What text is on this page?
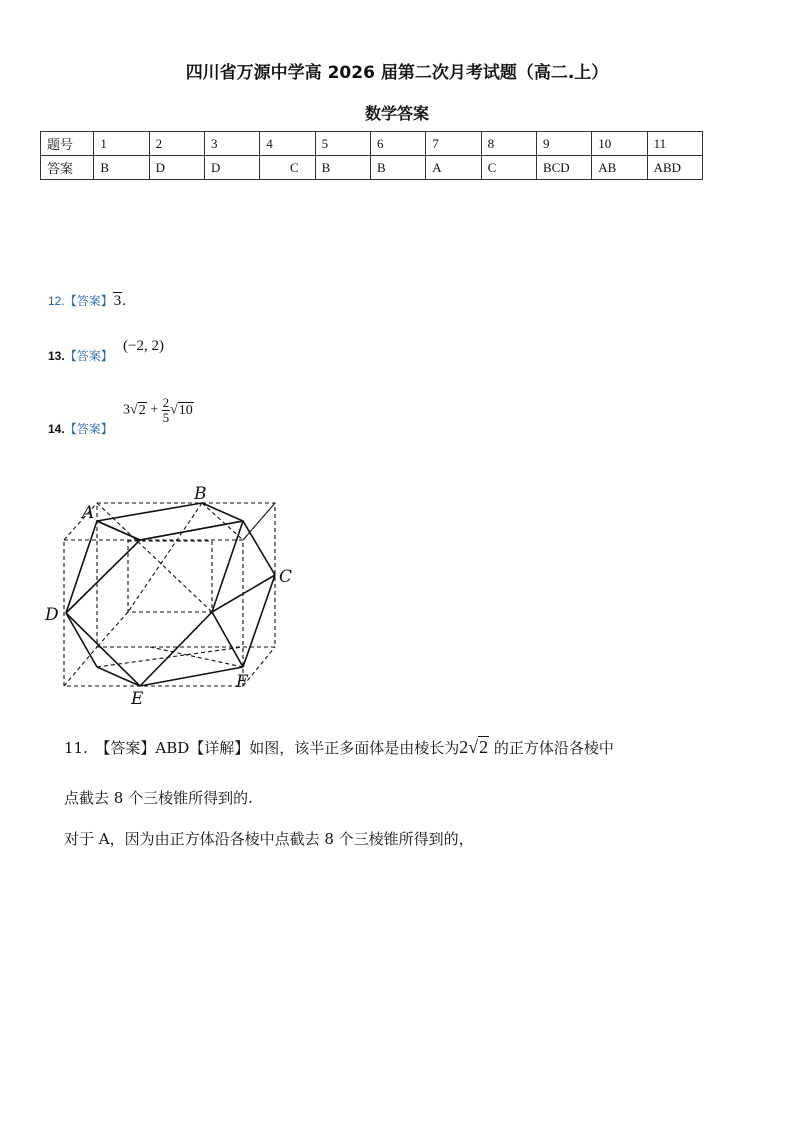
四川省万源中学高 2026 届第二次月考试题（高二.上）
数学答案
题号	1	2	3	4	5	6	7	8	9	10	11
答案	B	D	D	C	B	B	A	C	BCD	AB	ABD
12.【答案】3.
13.【答案】
(−2, 2)
14.【答案】
$3√2 + \frac{2}{5} √10$
A
B
C
D
E
F
11.　【答案】ABD【详解】如图，该半正多面体是由棱长为2√2 的正方体沿各棱中
点截去 8 个三棱锥所得到的.
对于 A，因为由正方体沿各棱中点截去 8 个三棱锥所得到的，
